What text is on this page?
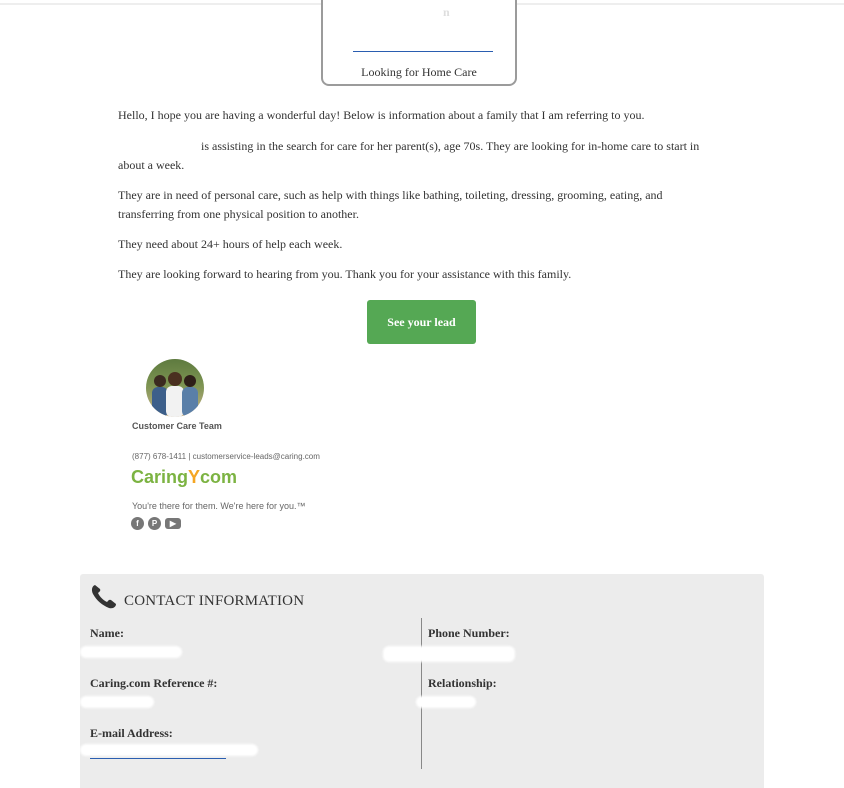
Looking for Home Care

Hello, I hope you are having a wonderful day! Below is information about a family that I am referring to you.

is assisting in the search for care for her parent(s), age 70s. They are looking for in-home care to start in about a week.

They are in need of personal care, such as help with things like bathing, toileting, dressing, grooming, eating, and transferring from one physical position to another.

They need about 24+ hours of help each week.

They are looking forward to hearing from you. Thank you for your assistance with this family.

See your lead
Customer Care Team
(877) 678-1411 | customerservice-leads@caring.com
CaringYcom
You're there for them. We're here for you.™
f	P	▶
CONTACT INFORMATION
Name:	Phone Number:
Caring.com Reference #:	Relationship:
E-mail Address:
